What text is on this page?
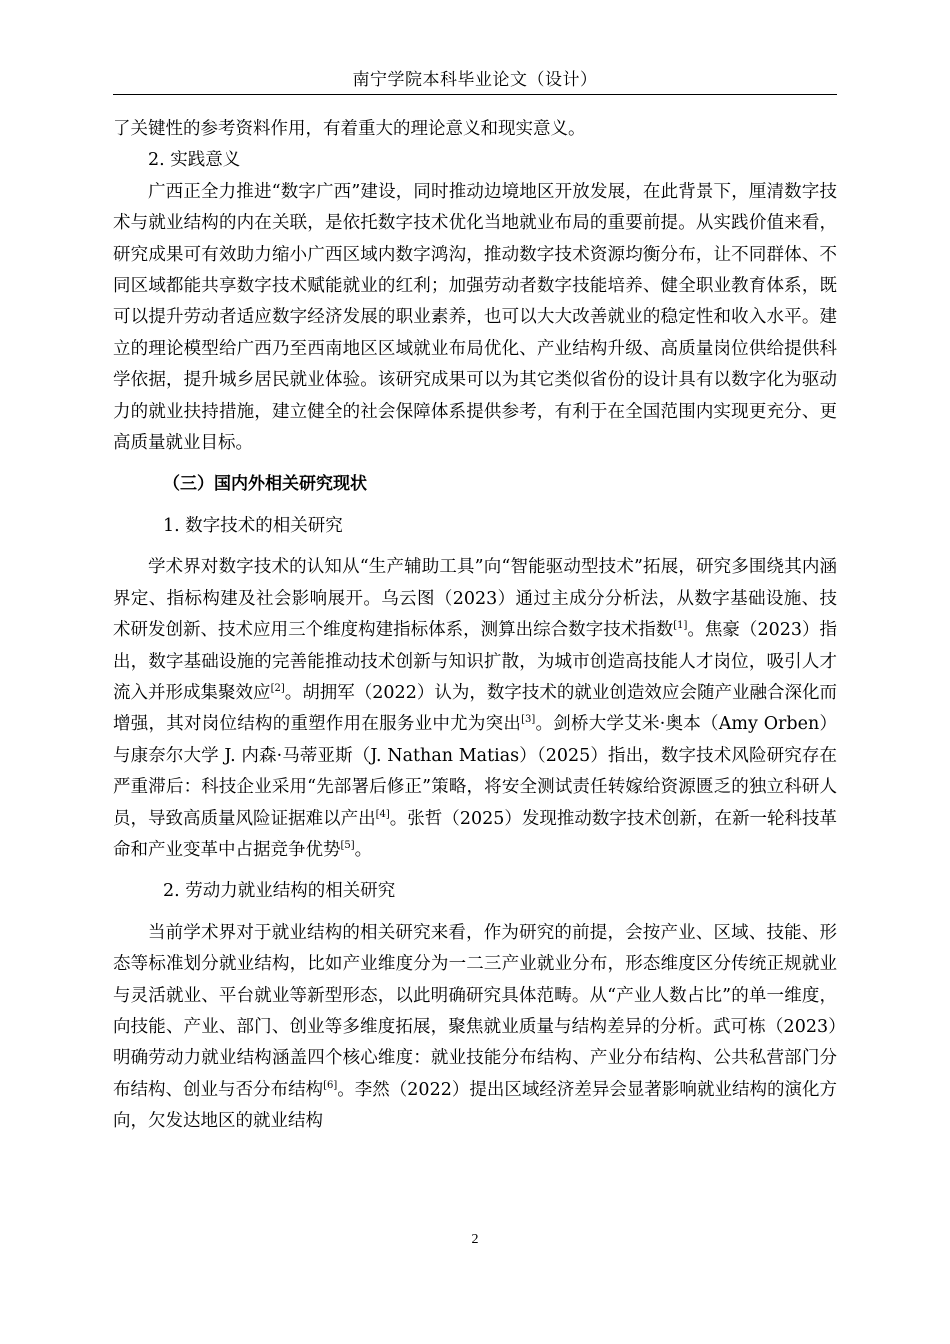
南宁学院本科毕业论文（设计）

了关键性的参考资料作用，有着重大的理论意义和现实意义。

2. 实践意义

广西正全力推进“数字广西”建设，同时推动边境地区开放发展，在此背景下，厘清数字技术与就业结构的内在关联，是依托数字技术优化当地就业布局的重要前提。从实践价值来看，研究成果可有效助力缩小广西区域内数字鸿沟，推动数字技术资源均衡分布，让不同群体、不同区域都能共享数字技术赋能就业的红利；加强劳动者数字技能培养、健全职业教育体系，既可以提升劳动者适应数字经济发展的职业素养，也可以大大改善就业的稳定性和收入水平。建立的理论模型给广西乃至西南地区区域就业布局优化、产业结构升级、高质量岗位供给提供科学依据，提升城乡居民就业体验。该研究成果可以为其它类似省份的设计具有以数字化为驱动力的就业扶持措施，建立健全的社会保障体系提供参考，有利于在全国范围内实现更充分、更高质量就业目标。

（三）国内外相关研究现状

1. 数字技术的相关研究

学术界对数字技术的认知从“生产辅助工具”向“智能驱动型技术”拓展，研究多围绕其内涵界定、指标构建及社会影响展开。乌云图（2023）通过主成分分析法，从数字基础设施、技术研发创新、技术应用三个维度构建指标体系，测算出综合数字技术指数[1]。焦豪（2023）指出，数字基础设施的完善能推动技术创新与知识扩散，为城市创造高技能人才岗位，吸引人才流入并形成集聚效应[2]。胡拥军（2022）认为，数字技术的就业创造效应会随产业融合深化而增强，其对岗位结构的重塑作用在服务业中尤为突出[3]。剑桥大学艾米·奥本（Amy Orben）与康奈尔大学 J. 内森·马蒂亚斯（J. Nathan Matias）（2025）指出，数字技术风险研究存在严重滞后：科技企业采用“先部署后修正”策略，将安全测试责任转嫁给资源匮乏的独立科研人员，导致高质量风险证据难以产出[4]。张哲（2025）发现推动数字技术创新，在新一轮科技革命和产业变革中占据竞争优势[5]。

2. 劳动力就业结构的相关研究

当前学术界对于就业结构的相关研究来看，作为研究的前提，会按产业、区域、技能、形态等标准划分就业结构，比如产业维度分为一二三产业就业分布，形态维度区分传统正规就业与灵活就业、平台就业等新型形态，以此明确研究具体范畴。从“产业人数占比”的单一维度，向技能、产业、部门、创业等多维度拓展，聚焦就业质量与结构差异的分析。武可栋（2023）明确劳动力就业结构涵盖四个核心维度：就业技能分布结构、产业分布结构、公共私营部门分布结构、创业与否分布结构[6]。李然（2022）提出区域经济差异会显著影响就业结构的演化方向，欠发达地区的就业结构

2
